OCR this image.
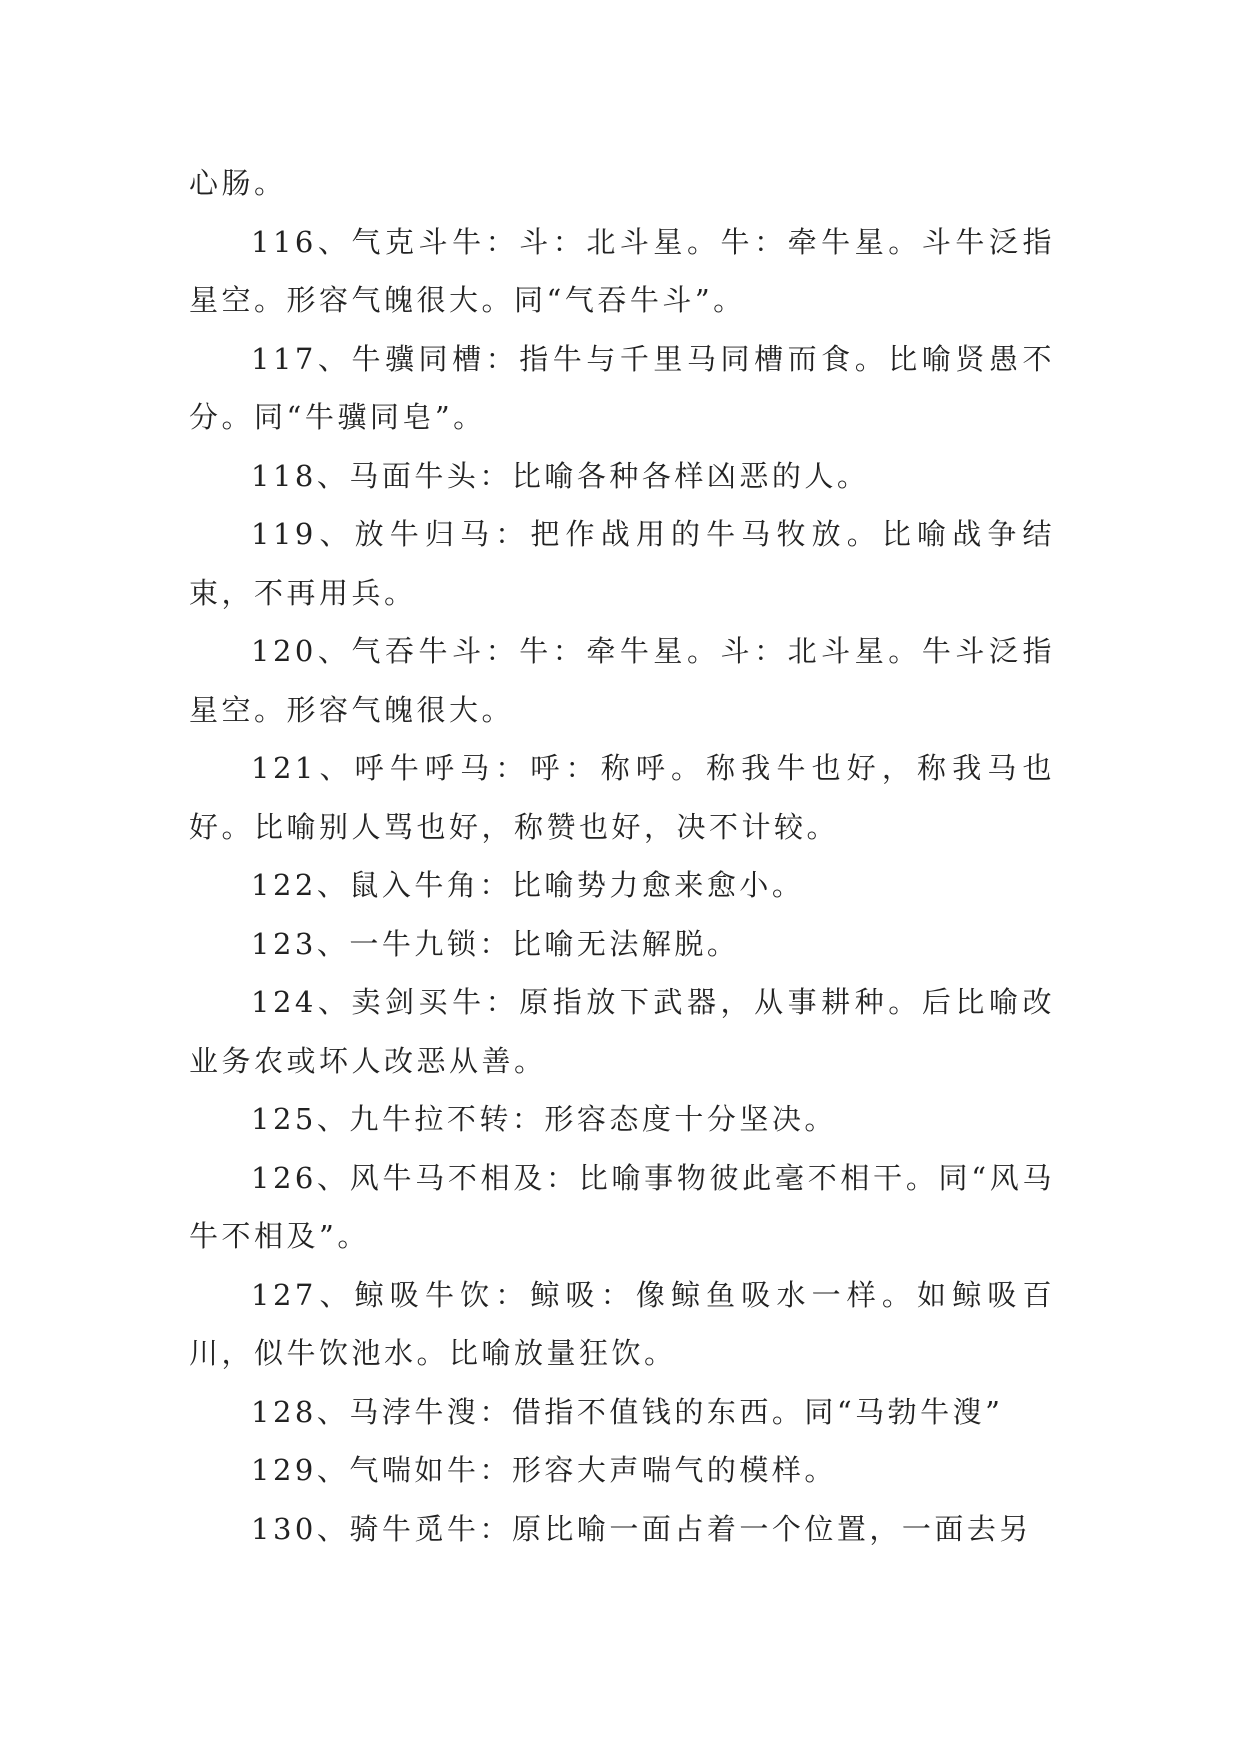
心肠。

116、气克斗牛：斗：北斗星。牛：牵牛星。斗牛泛指星空。形容气魄很大。同“气吞牛斗”。

117、牛骥同槽：指牛与千里马同槽而食。比喻贤愚不分。同“牛骥同皂”。

118、马面牛头：比喻各种各样凶恶的人。

119、放牛归马：把作战用的牛马牧放。比喻战争结束，不再用兵。

120、气吞牛斗：牛：牵牛星。斗：北斗星。牛斗泛指星空。形容气魄很大。

121、呼牛呼马：呼：称呼。称我牛也好，称我马也好。比喻别人骂也好，称赞也好，决不计较。

122、鼠入牛角：比喻势力愈来愈小。

123、一牛九锁：比喻无法解脱。

124、卖剑买牛：原指放下武器，从事耕种。后比喻改业务农或坏人改恶从善。

125、九牛拉不转：形容态度十分坚决。

126、风牛马不相及：比喻事物彼此毫不相干。同“风马牛不相及”。

127、鲸吸牛饮：鲸吸：像鲸鱼吸水一样。如鲸吸百川，似牛饮池水。比喻放量狂饮。

128、马浡牛溲：借指不值钱的东西。同“马勃牛溲”

129、气喘如牛：形容大声喘气的模样。

130、骑牛觅牛：原比喻一面占着一个位置，一面去另
